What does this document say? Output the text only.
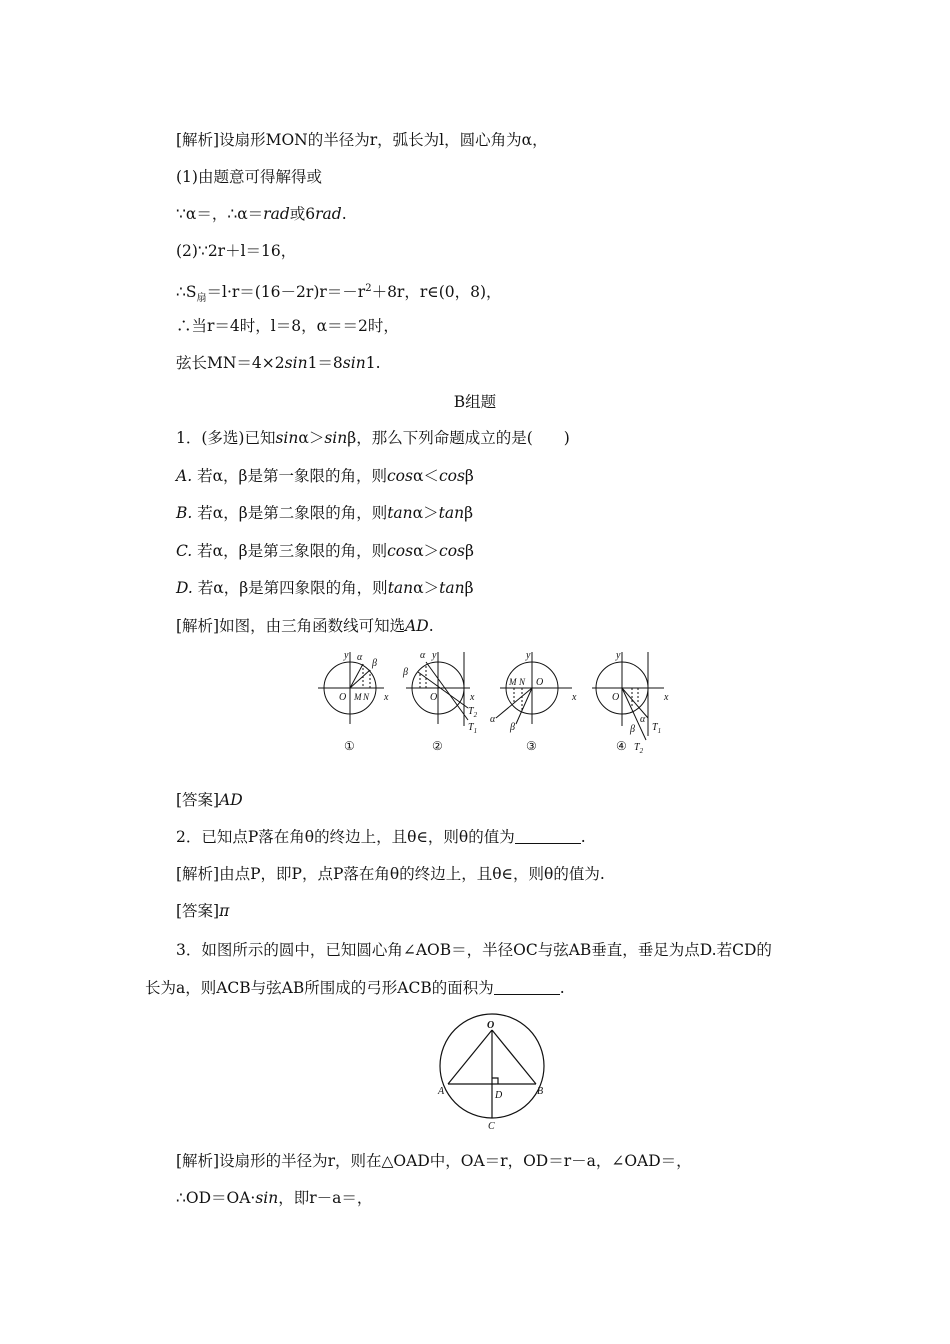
[解析]设扇形MON的半径为r，弧长为l，圆心角为α，
(1)由题意可得解得或
∵α＝，∴α＝rad或6rad.
(2)∵2r＋l＝16，
$\therefore S_扇=l\cdot r=(16-2r)r=-r^2+8r$，r∈(0，8)，
∴当r＝4时，l＝8，α＝＝2时，
弦长MN＝4×2sin1＝8sin1.
B组题
1．(多选)已知sinα＞sinβ，那么下列命题成立的是(　　)
A. 若α，β是第一象限的角，则cosα＜cosβ
B. 若α，β是第二象限的角，则tanα＞tanβ
C. 若α，β是第三象限的角，则cosα＞cosβ
D. 若α，β是第四象限的角，则tanα＞tanβ
[解析]如图，由三角函数线可知选AD.
y
x
O M N
α
β
①
y
x
O
α
β
$T_2$
$T_1$
②
y
x
O
M N
α
β
③
y
x
O
α
β $T_1$
$T_2$
④
[答案]AD
2．已知点P落在角θ的终边上，且θ∈，则θ的值为	.
[解析]由点P，即P，点P落在角θ的终边上，且θ∈，则θ的值为.
[答案]π
3．如图所示的圆中，已知圆心角∠AOB＝，半径OC与弦AB垂直，垂足为点D.若CD的
长为a，则ACB与弦AB所围成的弓形ACB的面积为	.
O
A	B
D
C
[解析]设扇形的半径为r，则在△OAD中，OA＝r，OD＝r－a，∠OAD＝，
∴OD＝OA·sin，即r－a＝，
